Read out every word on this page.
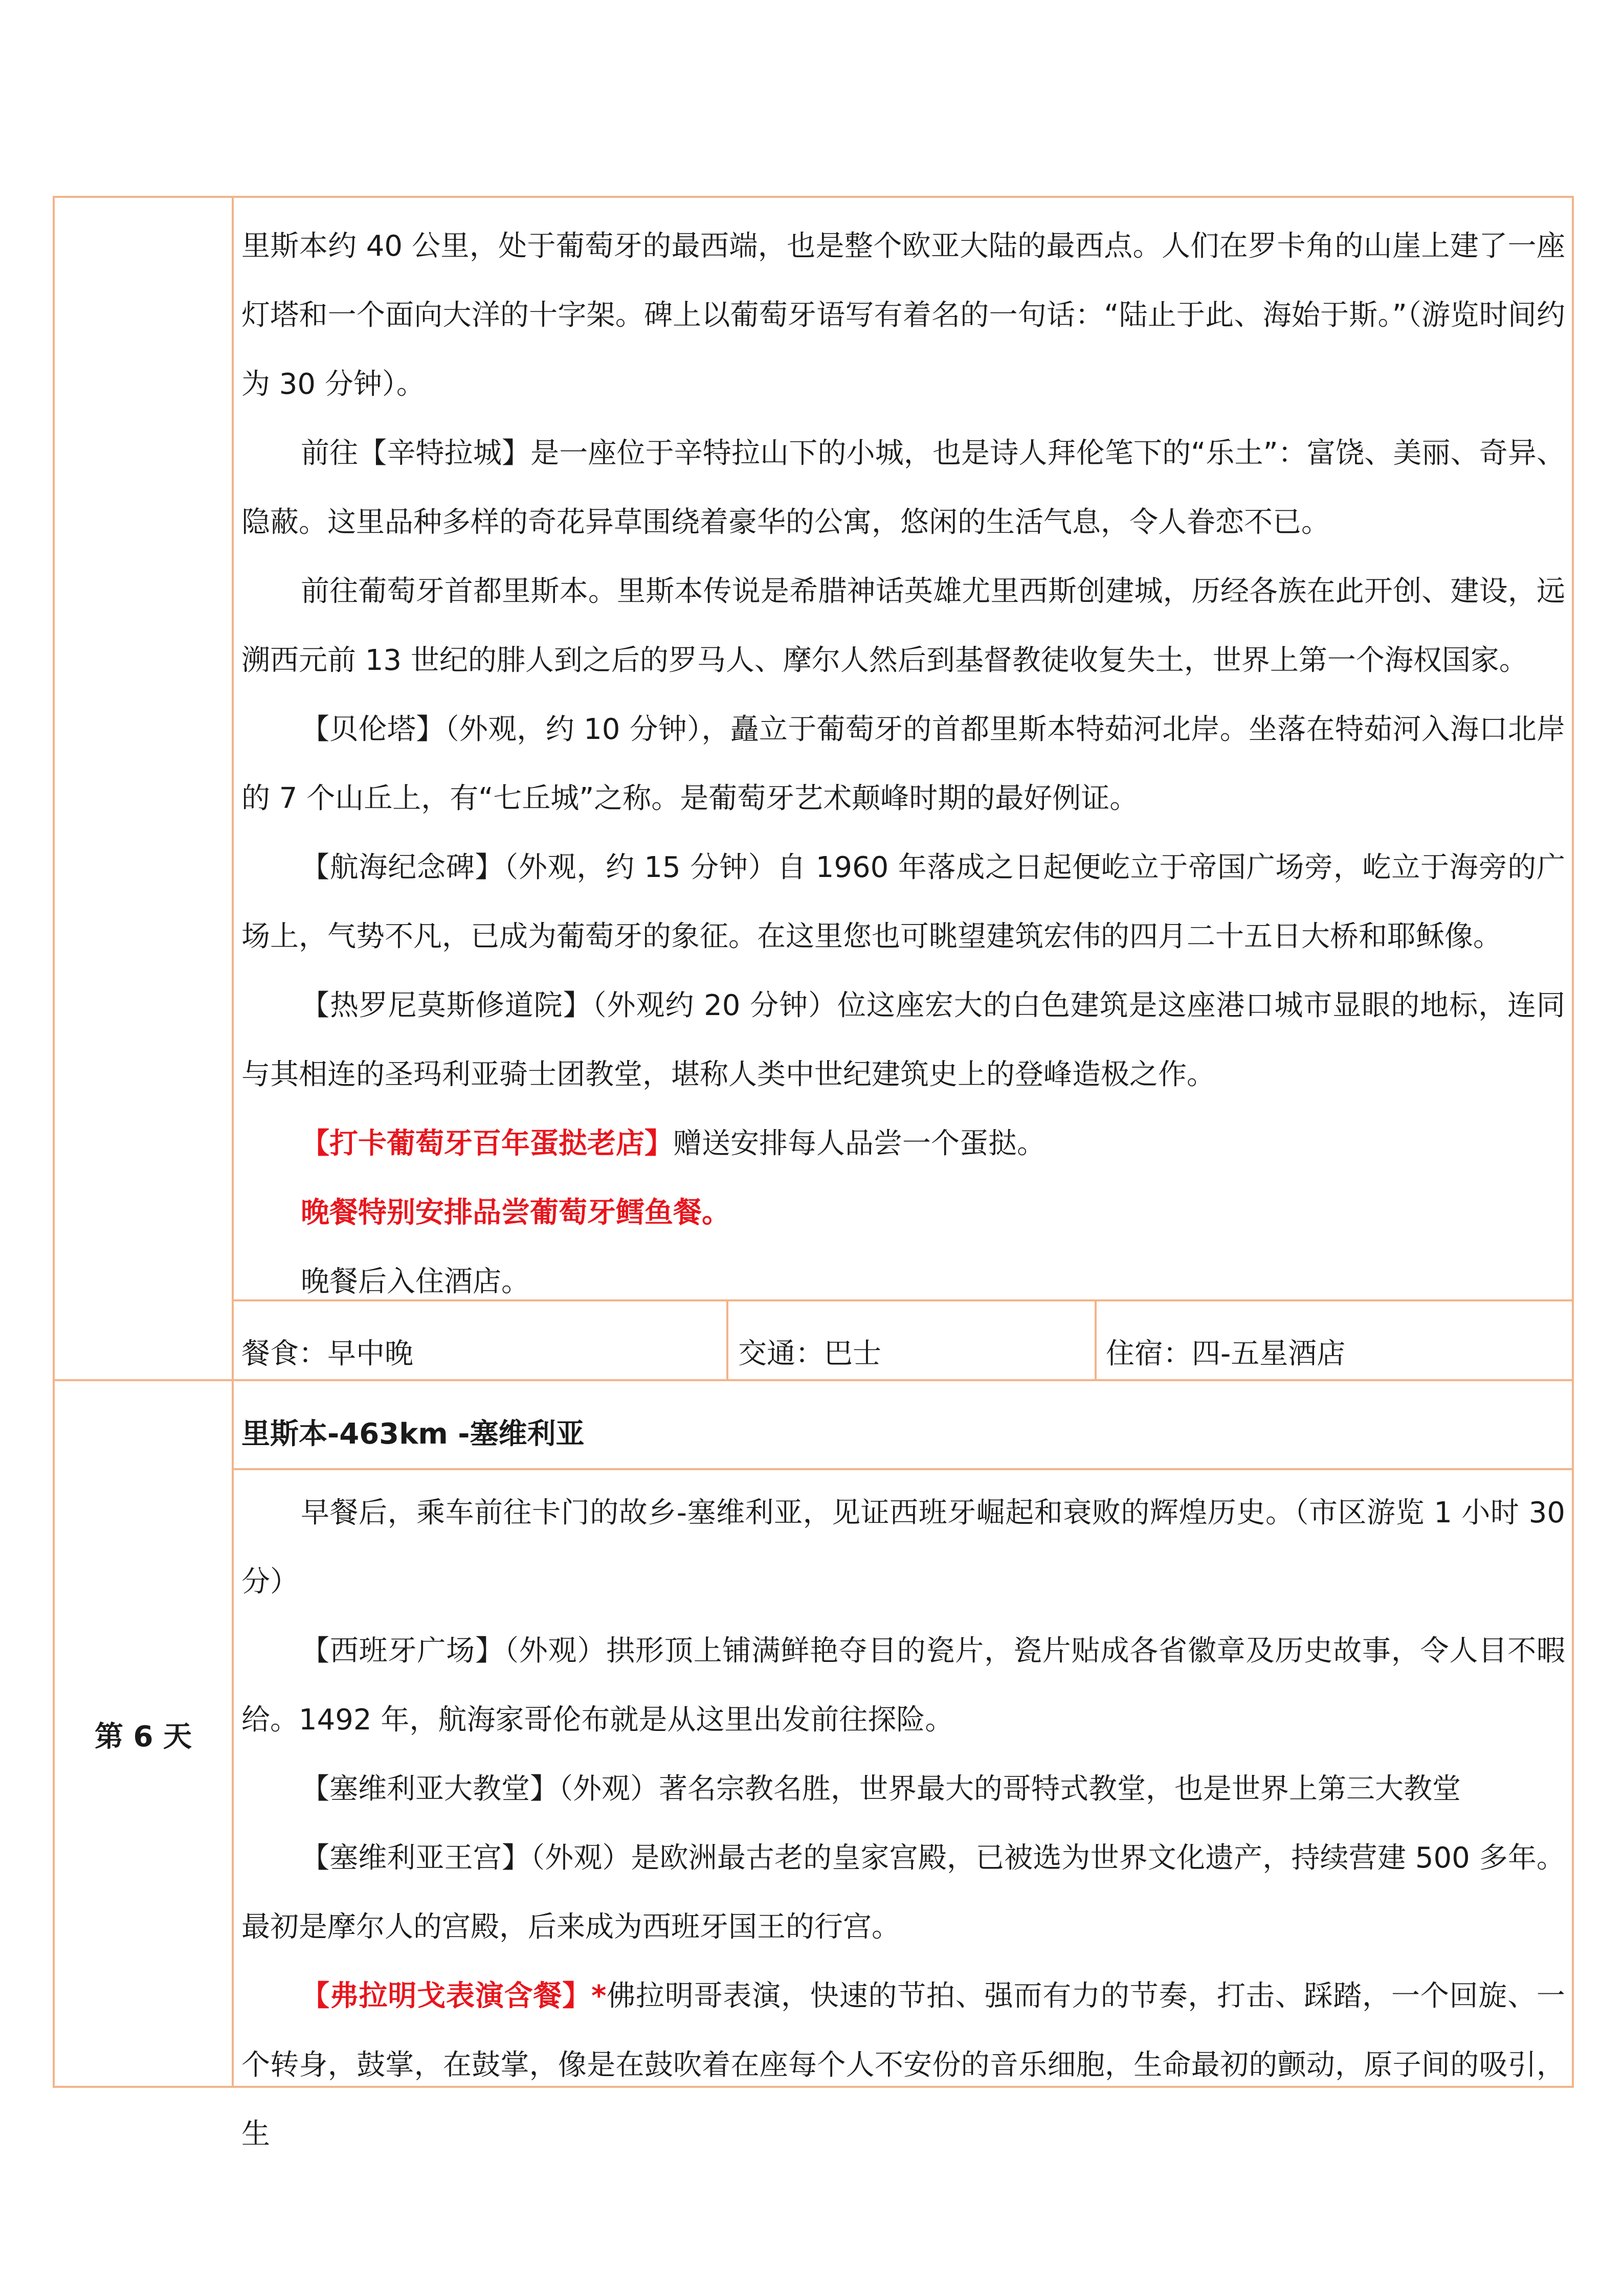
里斯本约 40 公里，处于葡萄牙的最西端，也是整个欧亚大陆的最西点。人们在罗卡角的山崖上建了一座灯塔和一个面向大洋的十字架。碑上以葡萄牙语写有着名的一句话：“陆止于此、海始于斯。”（游览时间约为 30 分钟）。

前往【辛特拉城】是一座位于辛特拉山下的小城，也是诗人拜伦笔下的“乐土”：富饶、美丽、奇异、隐蔽。这里品种多样的奇花异草围绕着豪华的公寓，悠闲的生活气息，令人眷恋不已。

前往葡萄牙首都里斯本。里斯本传说是希腊神话英雄尤里西斯创建城，历经各族在此开创、建设，远溯西元前 13 世纪的腓人到之后的罗马人、摩尔人然后到基督教徒收复失土，世界上第一个海权国家。

【贝伦塔】（外观，约 10 分钟），矗立于葡萄牙的首都里斯本特茹河北岸。坐落在特茹河入海口北岸的 7 个山丘上，有“七丘城”之称。是葡萄牙艺术颠峰时期的最好例证。

【航海纪念碑】（外观，约 15 分钟）自 1960 年落成之日起便屹立于帝国广场旁，屹立于海旁的广场上，气势不凡，已成为葡萄牙的象征。在这里您也可眺望建筑宏伟的四月二十五日大桥和耶稣像。

【热罗尼莫斯修道院】（外观约 20 分钟）位这座宏大的白色建筑是这座港口城市显眼的地标，连同与其相连的圣玛利亚骑士团教堂，堪称人类中世纪建筑史上的登峰造极之作。

【打卡葡萄牙百年蛋挞老店】赠送安排每人品尝一个蛋挞。

晚餐特别安排品尝葡萄牙鳕鱼餐。

晚餐后入住酒店。

餐食：早中晚	交通：巴士	住宿：四-五星酒店
第 6 天
里斯本-463km -塞维利亚

早餐后，乘车前往卡门的故乡-塞维利亚，见证西班牙崛起和衰败的辉煌历史。（市区游览 1 小时 30 分）

【西班牙广场】（外观）拱形顶上铺满鲜艳夺目的瓷片，瓷片贴成各省徽章及历史故事，令人目不暇给。1492 年，航海家哥伦布就是从这里出发前往探险。

【塞维利亚大教堂】（外观）著名宗教名胜，世界最大的哥特式教堂，也是世界上第三大教堂

【塞维利亚王宫】（外观）是欧洲最古老的皇家宫殿，已被选为世界文化遗产，持续营建 500 多年。最初是摩尔人的宫殿，后来成为西班牙国王的行宫。

【弗拉明戈表演含餐】*佛拉明哥表演，快速的节拍、强而有力的节奏，打击、踩踏，一个回旋、一个转身，鼓掌，在鼓掌，像是在鼓吹着在座每个人不安份的音乐细胞，生命最初的颤动，原子间的吸引，生
